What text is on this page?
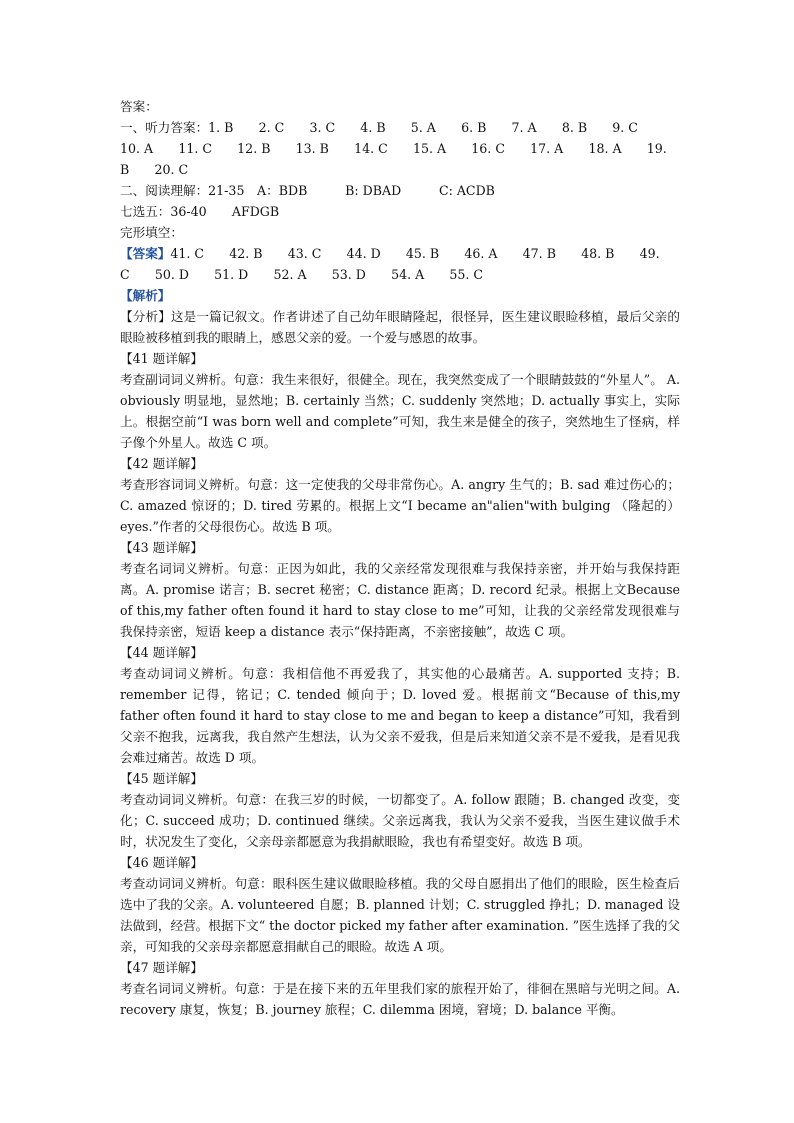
答案：
一、听力答案：1. B　　2. C　　3. C　　4. B　　5. A　　6. B　　7. A　　8. B　　9. C
10. A　　11. C　　12. B　　13. B　　14. C　　15. A　　16. C　　17. A　　18. A　　19.
B　　20. C
二、阅读理解：21-35　A：BDB　　　B: DBAD　　　C: ACDB
七选五：36-40　　AFDGB
完形填空：
【答案】41. C　　42. B　　43. C　　44. D　　45. B　　46. A　　47. B　　48. B　　49.
C　　50. D　　51. D　　52. A　　53. D　　54. A　　55. C
【解析】
【分析】这是一篇记叙文。作者讲述了自己幼年眼睛隆起，很怪异，医生建议眼睑移植，最后父亲的眼睑被移植到我的眼睛上，感恩父亲的爱。一个爱与感恩的故事。
【41 题详解】
考查副词词义辨析。句意：我生来很好，很健全。现在，我突然变成了一个眼睛鼓鼓的“外星人”。 A. obviously 明显地，显然地；B. certainly 当然；C. suddenly 突然地；D. actually 事实上，实际上。根据空前“I was born well and complete”可知，我生来是健全的孩子，突然地生了怪病，样子像个外星人。故选 C 项。
【42 题详解】
考查形容词词义辨析。句意：这一定使我的父母非常伤心。A. angry 生气的；B. sad 难过伤心的；C. amazed 惊讶的；D. tired 劳累的。根据上文“I became an"alien"with bulging （隆起的） eyes.”作者的父母很伤心。故选 B 项。
【43 题详解】
考查名词词义辨析。句意：正因为如此，我的父亲经常发现很难与我保持亲密，并开始与我保持距离。A. promise 诺言；B. secret 秘密；C. distance 距离；D. record 纪录。根据上文Because of this,my father often found it hard to stay close to me”可知，让我的父亲经常发现很难与我保持亲密，短语 keep a distance 表示“保持距离，不亲密接触”，故选 C 项。
【44 题详解】
考查动词词义辨析。句意：我相信他不再爱我了，其实他的心最痛苦。A. supported 支持；B. remember 记得，铭记；C. tended 倾向于；D. loved 爱。根据前文“Because of this,my father often found it hard to stay close to me and began to keep a distance”可知，我看到父亲不抱我，远离我，我自然产生想法，认为父亲不爱我，但是后来知道父亲不是不爱我，是看见我会难过痛苦。故选 D 项。
【45 题详解】
考查动词词义辨析。句意：在我三岁的时候，一切都变了。A. follow 跟随；B. changed 改变，变化；C. succeed 成功；D. continued 继续。父亲远离我，我认为父亲不爱我，当医生建议做手术时，状况发生了变化，父亲母亲都愿意为我捐献眼睑，我也有希望变好。故选 B 项。
【46 题详解】
考查动词词义辨析。句意：眼科医生建议做眼睑移植。我的父母自愿捐出了他们的眼睑，医生检查后选中了我的父亲。A. volunteered 自愿；B. planned 计划；C. struggled 挣扎；D. managed 设法做到，经营。根据下文“ the doctor picked my father after examination. ”医生选择了我的父亲，可知我的父亲母亲都愿意捐献自己的眼睑。故选 A 项。
【47 题详解】
考查名词词义辨析。句意：于是在接下来的五年里我们家的旅程开始了，徘徊在黑暗与光明之间。A. recovery 康复，恢复；B. journey 旅程；C. dilemma 困境，窘境；D. balance 平衡。
